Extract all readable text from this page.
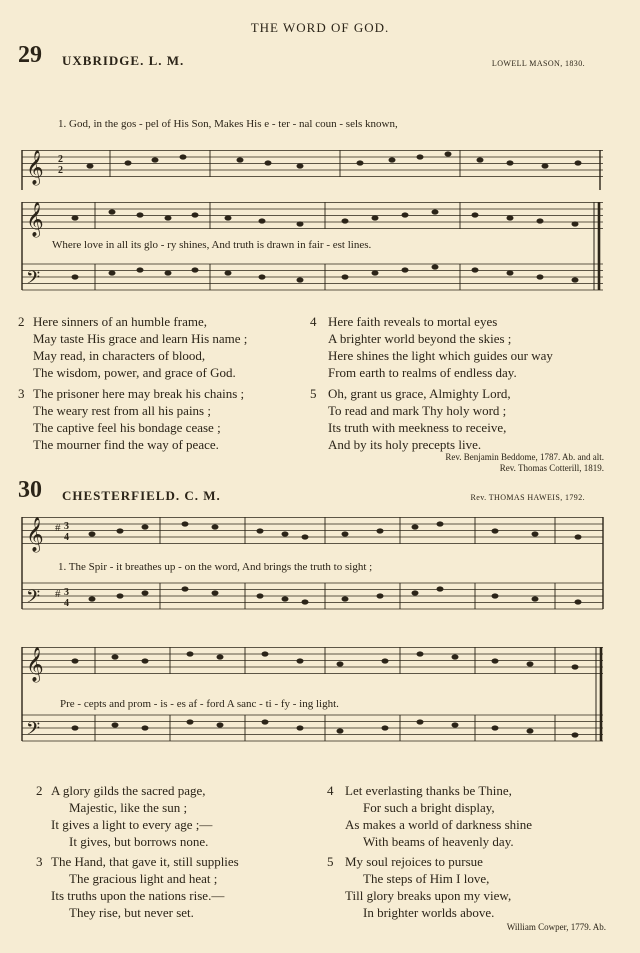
THE WORD OF GOD.
29 UXBRIDGE. L. M.	LOWELL MASON, 1830.
𝄞 2
2
1. God, in the gos - pel of His Son, Makes His e - ter - nal coun - sels known,
𝄞
𝄢
Where love in all its glo - ry shines, And truth is drawn in fair - est lines.
2 Here sinners of an humble frame,
May taste His grace and learn His name ;
May read, in characters of blood,
The wisdom, power, and grace of God.
3 The prisoner here may break his chains ;
The weary rest from all his pains ;
The captive feel his bondage cease ;
The mourner find the way of peace.
4 Here faith reveals to mortal eyes
A brighter world beyond the skies ;
Here shines the light which guides our way
From earth to realms of endless day.
5 Oh, grant us grace, Almighty Lord,
To read and mark Thy holy word ;
Its truth with meekness to receive,
And by its holy precepts live.
Rev. Benjamin Beddome, 1787. Ab. and alt.
Rev. Thomas Cotterill, 1819.
30 CHESTERFIELD. C. M.	Rev. THOMAS HAWEIS, 1792.
𝄞
𝄢
# 3
4
# 3
4
1. The Spir - it breathes up - on the word, And brings the truth to sight ;
𝄞
𝄢
Pre - cepts and prom - is - es af - ford A sanc - ti - fy - ing light.
2 A glory gilds the sacred page,
Majestic, like the sun ;
It gives a light to every age ;—
It gives, but borrows none.
3 The Hand, that gave it, still supplies
The gracious light and heat ;
Its truths upon the nations rise.—
They rise, but never set.
4 Let everlasting thanks be Thine,
For such a bright display,
As makes a world of darkness shine
With beams of heavenly day.
5 My soul rejoices to pursue
The steps of Him I love,
Till glory breaks upon my view,
In brighter worlds above.
William Cowper, 1779. Ab.
